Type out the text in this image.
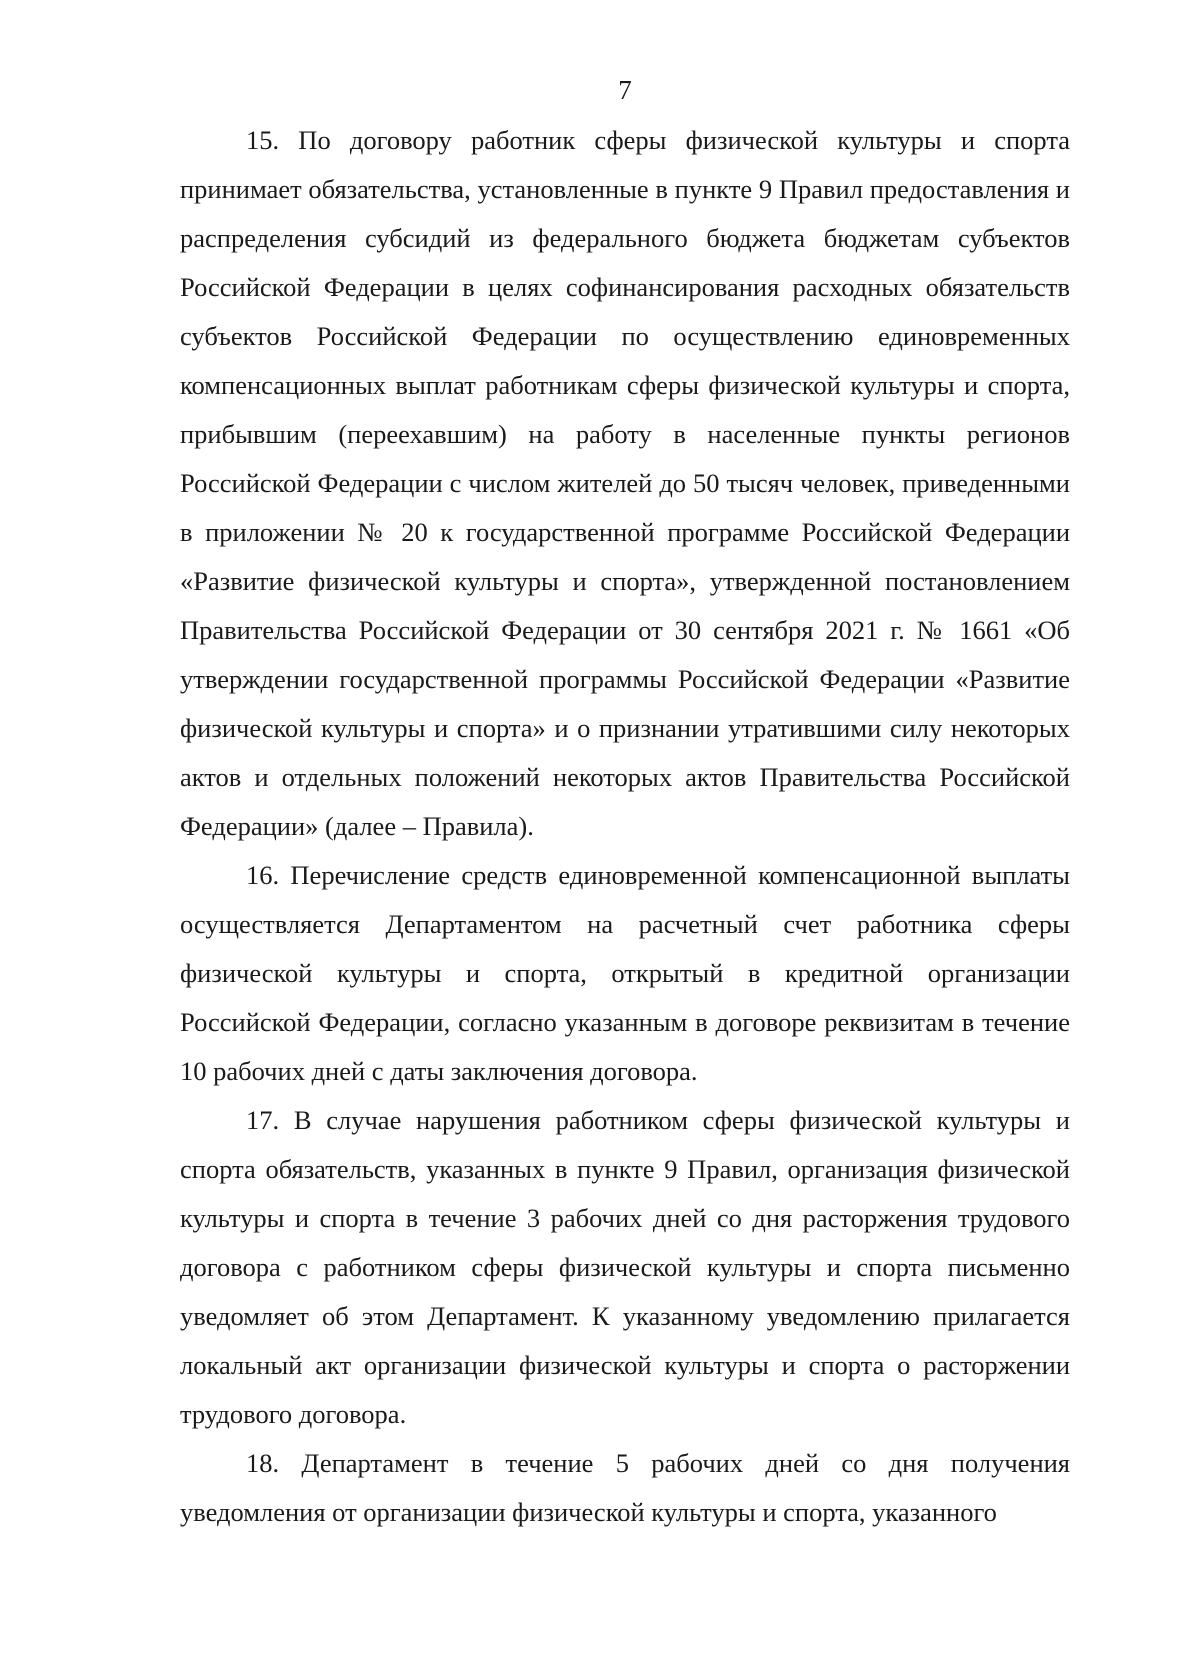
7

15. По договору работник сферы физической культуры и спорта принимает обязательства, установленные в пункте 9 Правил предоставления и распределения субсидий из федерального бюджета бюджетам субъектов Российской Федерации в целях софинансирования расходных обязательств субъектов Российской Федерации по осуществлению единовременных компенсационных выплат работникам сферы физической культуры и спорта, прибывшим (переехавшим) на работу в населенные пункты регионов Российской Федерации с числом жителей до 50 тысяч человек, приведенными в приложении № 20 к государственной программе Российской Федерации «Развитие физической культуры и спорта», утвержденной постановлением Правительства Российской Федерации от 30 сентября 2021 г. № 1661 «Об утверждении государственной программы Российской Федерации «Развитие физической культуры и спорта» и о признании утратившими силу некоторых актов и отдельных положений некоторых актов Правительства Российской Федерации» (далее – Правила).

16. Перечисление средств единовременной компенсационной выплаты осуществляется Департаментом на расчетный счет работника сферы физической культуры и спорта, открытый в кредитной организации Российской Федерации, согласно указанным в договоре реквизитам в течение 10 рабочих дней с даты заключения договора.

17. В случае нарушения работником сферы физической культуры и спорта обязательств, указанных в пункте 9 Правил, организация физической культуры и спорта в течение 3 рабочих дней со дня расторжения трудового договора с работником сферы физической культуры и спорта письменно уведомляет об этом Департамент. К указанному уведомлению прилагается локальный акт организации физической культуры и спорта о расторжении трудового договора.

18. Департамент в течение 5 рабочих дней со дня получения уведомления от организации физической культуры и спорта, указанного
